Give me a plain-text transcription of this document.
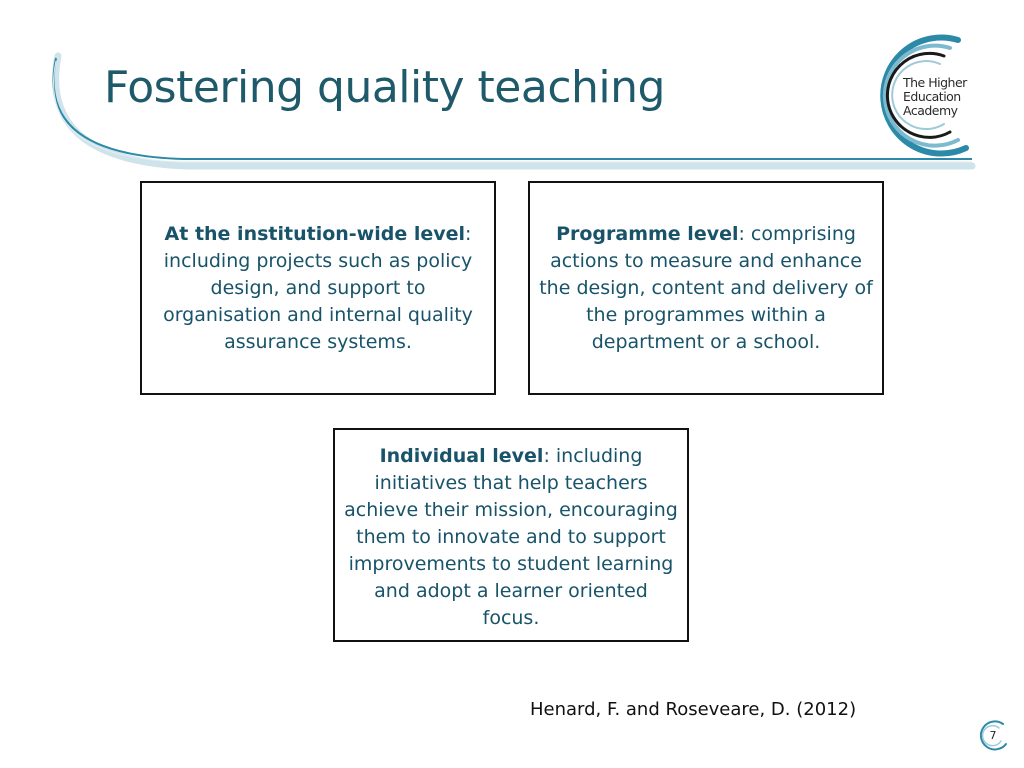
The Higher
Education
Academy
Fostering quality teaching
At the institution-wide level: including projects such as policy design, and support to organisation and internal quality assurance systems.
Programme level: comprising actions to measure and enhance the design, content and delivery of the programmes within a department or a school.
Individual level: including initiatives that help teachers achieve their mission, encouraging them to innovate and to support improvements to student learning and adopt a learner oriented focus.
Henard, F. and Roseveare, D. (2012)
7
